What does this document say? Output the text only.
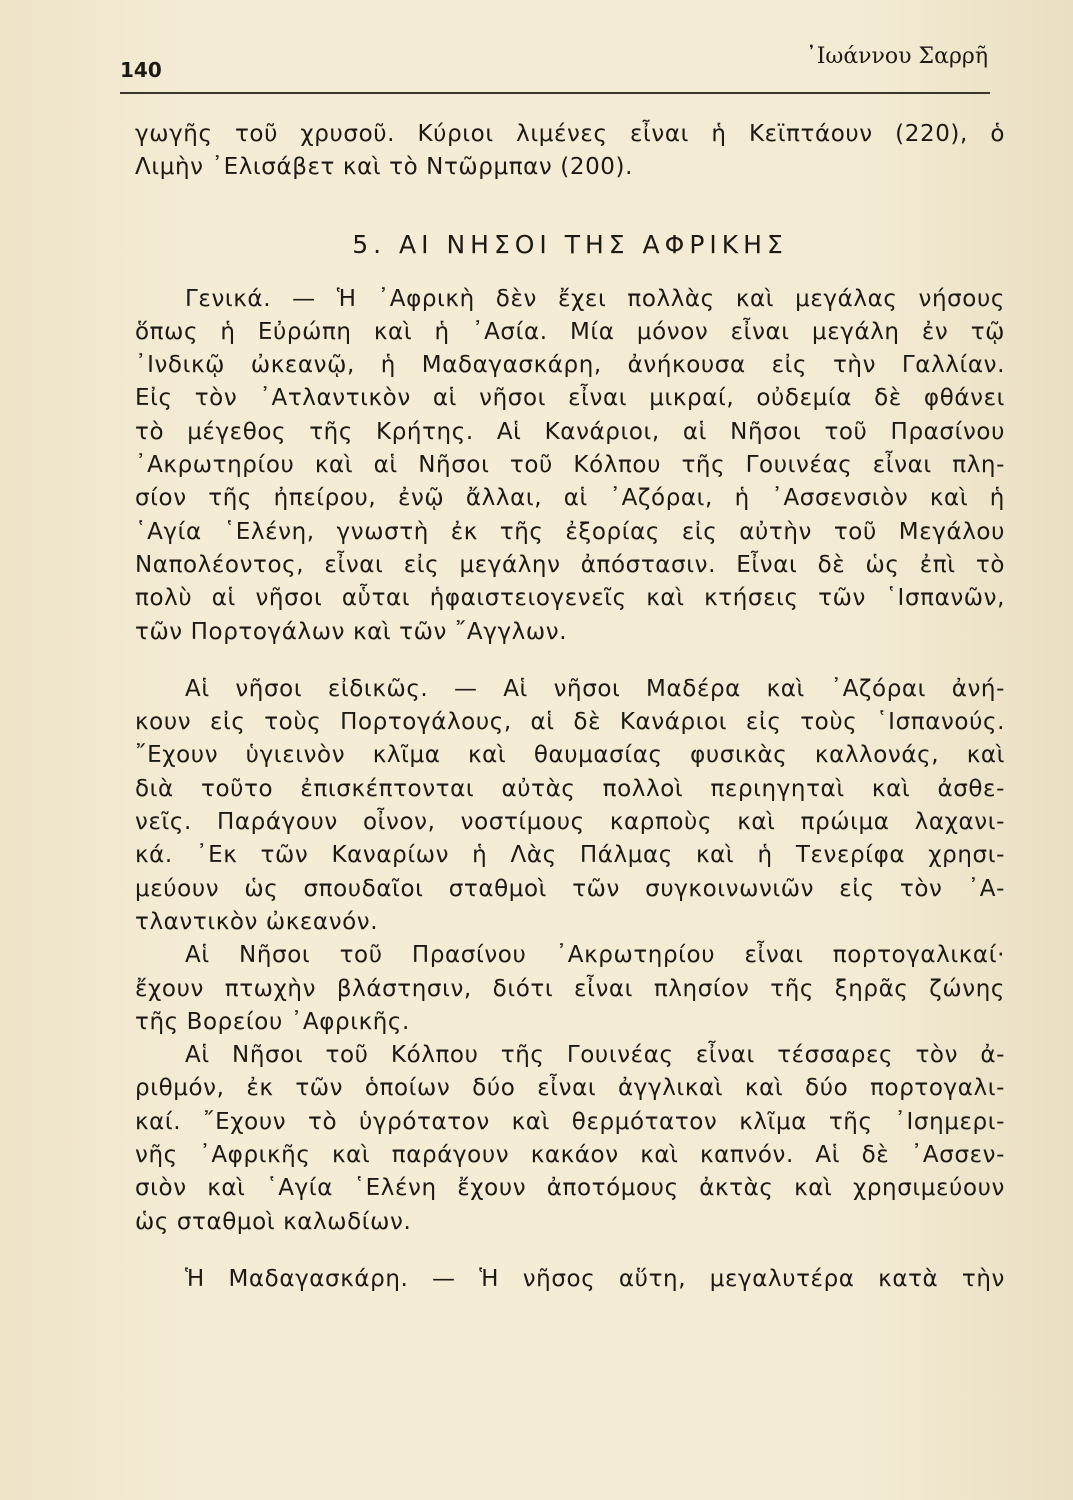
140
᾿Ιωάννου Σαρρῆ
γωγῆς τοῦ χρυσοῦ. Κύριοι λιμένες εἶναι ἡ Κεϊπτάουν (220), ὁ
Λιμὴν ᾿Ελισάβετ καὶ τὸ Ντῶρμπαν (200).
5. ΑΙ ΝΗΣΟΙ ΤΗΣ ΑΦΡΙΚΗΣ
Γενικά. — Ἡ ᾿Αφρικὴ δὲν ἔχει πολλὰς καὶ μεγάλας νήσους
ὅπως ἡ Εὐρώπη καὶ ἡ ᾿Ασία. Μία μόνον εἶναι μεγάλη ἐν τῷ
᾿Ινδικῷ ὠκεανῷ, ἡ Μαδαγασκάρη, ἀνήκουσα εἰς τὴν Γαλλίαν.
Εἰς τὸν ᾿Ατλαντικὸν αἱ νῆσοι εἶναι μικραί, οὐδεμία δὲ φθάνει
τὸ μέγεθος τῆς Κρήτης. Αἱ Κανάριοι, αἱ Νῆσοι τοῦ Πρασίνου
᾿Ακρωτηρίου καὶ αἱ Νῆσοι τοῦ Κόλπου τῆς Γουινέας εἶναι πλη-
σίον τῆς ἠπείρου, ἐνῷ ἄλλαι, αἱ ᾿Αζόραι, ἡ ᾿Ασσενσιὸν καὶ ἡ
῾Αγία ῾Ελένη, γνωστὴ ἐκ τῆς ἐξορίας εἰς αὐτὴν τοῦ Μεγάλου
Ναπολέοντος, εἶναι εἰς μεγάλην ἀπόστασιν. Εἶναι δὲ ὡς ἐπὶ τὸ
πολὺ αἱ νῆσοι αὗται ἡφαιστειογενεῖς καὶ κτήσεις τῶν ῾Ισπανῶν,
τῶν Πορτογάλων καὶ τῶν ῎Αγγλων.
Αἱ νῆσοι εἰδικῶς. — Αἱ νῆσοι Μαδέρα καὶ ᾿Αζόραι ἀνή-
κουν εἰς τοὺς Πορτογάλους, αἱ δὲ Κανάριοι εἰς τοὺς ῾Ισπανούς.
῎Εχουν ὑγιεινὸν κλῖμα καὶ θαυμασίας φυσικὰς καλλονάς, καὶ
διὰ τοῦτο ἐπισκέπτονται αὐτὰς πολλοὶ περιηγηταὶ καὶ ἀσθε-
νεῖς. Παράγουν οἶνον, νοστίμους καρποὺς καὶ πρώιμα λαχανι-
κά. ᾿Εκ τῶν Καναρίων ἡ Λὰς Πάλμας καὶ ἡ Τενερίφα χρησι-
μεύουν ὡς σπουδαῖοι σταθμοὶ τῶν συγκοινωνιῶν εἰς τὸν ᾿Α-
τλαντικὸν ὠκεανόν.
Αἱ Νῆσοι τοῦ Πρασίνου ᾿Ακρωτηρίου εἶναι πορτογαλικαί·
ἔχουν πτωχὴν βλάστησιν, διότι εἶναι πλησίον τῆς ξηρᾶς ζώνης
τῆς Βορείου ᾿Αφρικῆς.
Αἱ Νῆσοι τοῦ Κόλπου τῆς Γουινέας εἶναι τέσσαρες τὸν ἀ-
ριθμόν, ἐκ τῶν ὁποίων δύο εἶναι ἀγγλικαὶ καὶ δύο πορτογαλι-
καί. ῎Εχουν τὸ ὑγρότατον καὶ θερμότατον κλῖμα τῆς ᾿Ισημερι-
νῆς ᾿Αφρικῆς καὶ παράγουν κακάον καὶ καπνόν. Αἱ δὲ ᾿Ασσεν-
σιὸν καὶ ῾Αγία ῾Ελένη ἔχουν ἀποτόμους ἀκτὰς καὶ χρησιμεύουν
ὡς σταθμοὶ καλωδίων.
Ἡ Μαδαγασκάρη. — Ἡ νῆσος αὕτη, μεγαλυτέρα κατὰ τὴν
